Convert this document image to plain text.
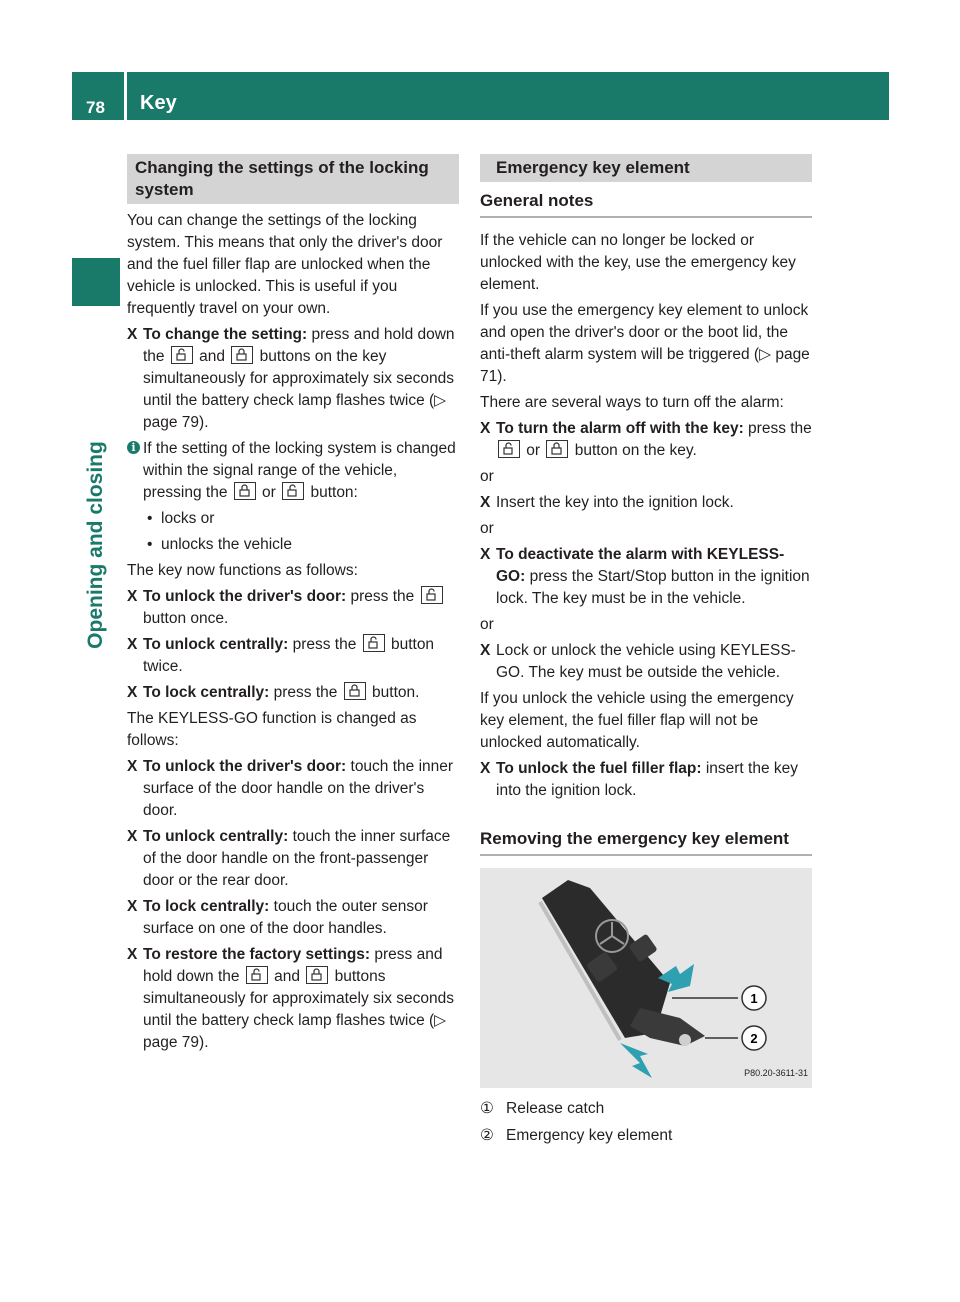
78 Key
Opening and closing
Changing the settings of the locking system

You can change the settings of the locking system. This means that only the driver's door and the fuel filler flap are unlocked when the vehicle is unlocked. This is useful if you frequently travel on your own.

X To change the setting: press and hold down the
and
buttons on the key simultaneously for approximately six seconds until the battery check lamp flashes twice (▷ page 79).
i If the setting of the locking system is changed within the signal range of the vehicle, pressing the
or
button:
• locks or
• unlocks the vehicle

The key now functions as follows:

X To unlock the driver's door: press the
button once.
X To unlock centrally: press the
button twice.
X To lock centrally: press the
button.

The KEYLESS-GO function is changed as follows:

X To unlock the driver's door: touch the inner surface of the door handle on the driver's door.
X To unlock centrally: touch the inner surface of the door handle on the front-passenger door or the rear door.
X To lock centrally: touch the outer sensor surface on one of the door handles.
X To restore the factory settings: press and hold down the
and
buttons simultaneously for approximately six seconds until the battery check lamp flashes twice (▷ page 79).
Emergency key element
General notes

If the vehicle can no longer be locked or unlocked with the key, use the emergency key element.

If you use the emergency key element to unlock and open the driver's door or the boot lid, the anti-theft alarm system will be triggered (▷ page 71).

There are several ways to turn off the alarm:

X To turn the alarm off with the key: press the
or
button on the key.

or

X Insert the key into the ignition lock.

or

X To deactivate the alarm with KEYLESS-GO: press the Start/Stop button in the ignition lock. The key must be in the vehicle.

or

X Lock or unlock the vehicle using KEYLESS-GO. The key must be outside the vehicle.

If you unlock the vehicle using the emergency key element, the fuel filler flap will not be unlocked automatically.

X To unlock the fuel filler flap: insert the key into the ignition lock.
Removing the emergency key element
1
2
P80.20-3611-31
① Release catch
② Emergency key element
